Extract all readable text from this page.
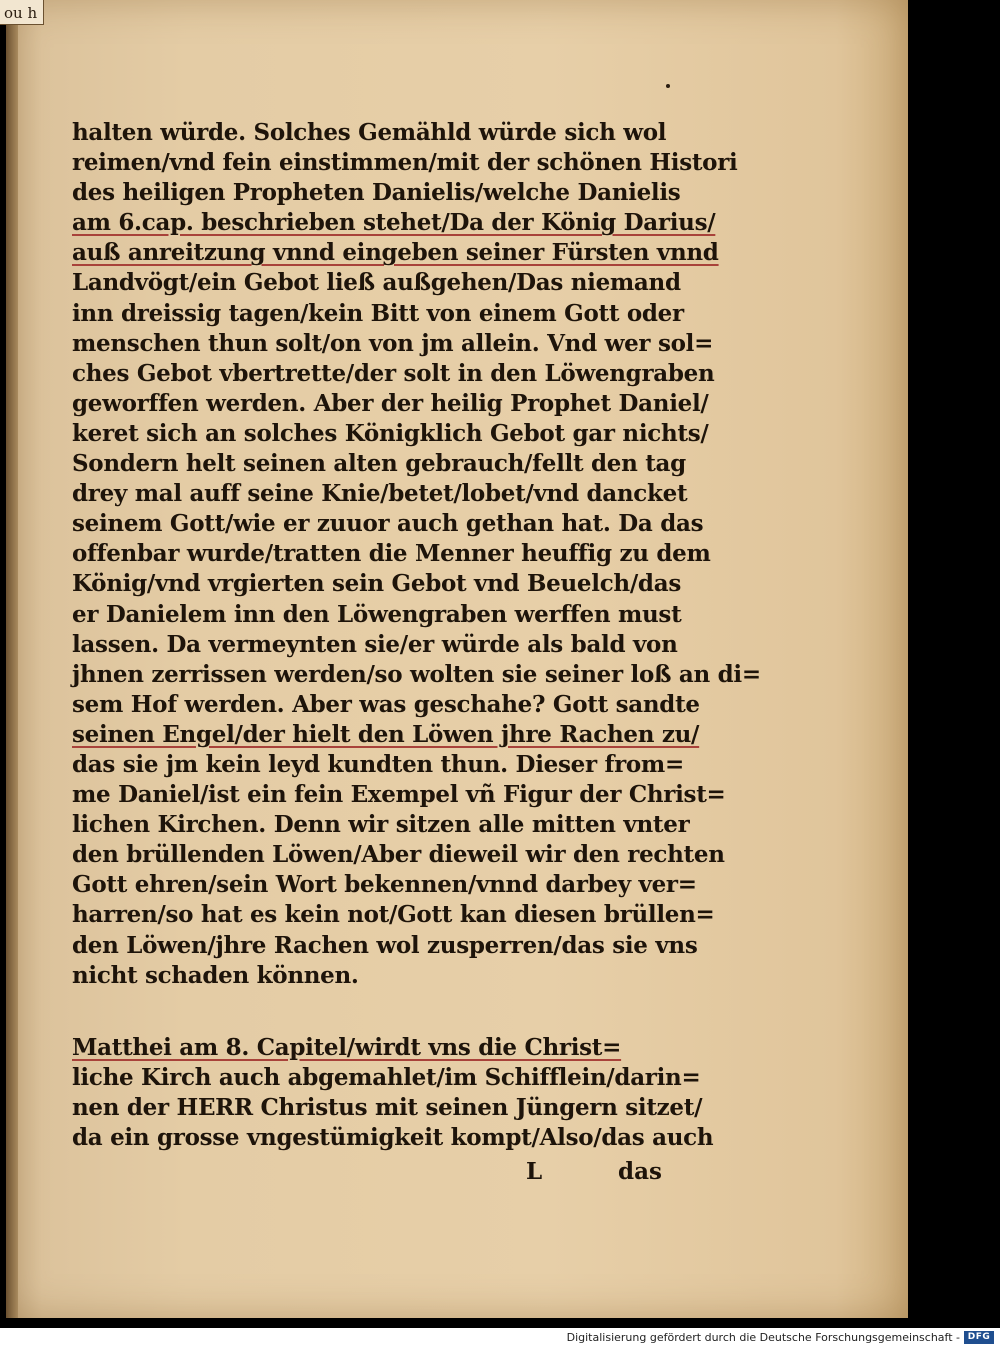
halten würde. Solches Gemähld würde sich wol
reimen/vnd fein einstimmen/mit der schönen Histori
des heiligen Propheten Danielis/welche Danielis
am 6.cap. beschrieben stehet/Da der König Darius/
auß anreitzung vnnd eingeben seiner Fürsten vnnd
Landvögt/ein Gebot ließ außgehen/Das niemand
inn dreissig tagen/kein Bitt von einem Gott oder
menschen thun solt/on von jm allein. Vnd wer sol=
ches Gebot vbertrette/der solt in den Löwengraben
geworffen werden. Aber der heilig Prophet Daniel/
keret sich an solches Königklich Gebot gar nichts/
Sondern helt seinen alten gebrauch/fellt den tag
drey mal auff seine Knie/betet/lobet/vnd dancket
seinem Gott/wie er zuuor auch gethan hat. Da das
offenbar wurde/tratten die Menner heuffig zu dem
König/vnd vrgierten sein Gebot vnd Beuelch/das
er Danielem inn den Löwengraben werffen must
lassen. Da vermeynten sie/er würde als bald von
jhnen zerrissen werden/so wolten sie seiner loß an di=
sem Hof werden. Aber was geschahe? Gott sandte
seinen Engel/der hielt den Löwen jhre Rachen zu/
das sie jm kein leyd kundten thun. Dieser from=
me Daniel/ist ein fein Exempel vñ Figur der Christ=
lichen Kirchen. Denn wir sitzen alle mitten vnter
den brüllenden Löwen/Aber dieweil wir den rechten
Gott ehren/sein Wort bekennen/vnnd darbey ver=
harren/so hat es kein not/Gott kan diesen brüllen=
den Löwen/jhre Rachen wol zusperren/das sie vns
nicht schaden können.
Matthei am 8. Capitel/wirdt vns die Christ=
liche Kirch auch abgemahlet/im Schifflein/darin=
nen der HERR Christus mit seinen Jüngern sitzet/
da ein grosse vngestümigkeit kompt/Also/das auch
L	das
ou h
Digitalisierung gefördert durch die Deutsche Forschungsgemeinschaft - DFG
